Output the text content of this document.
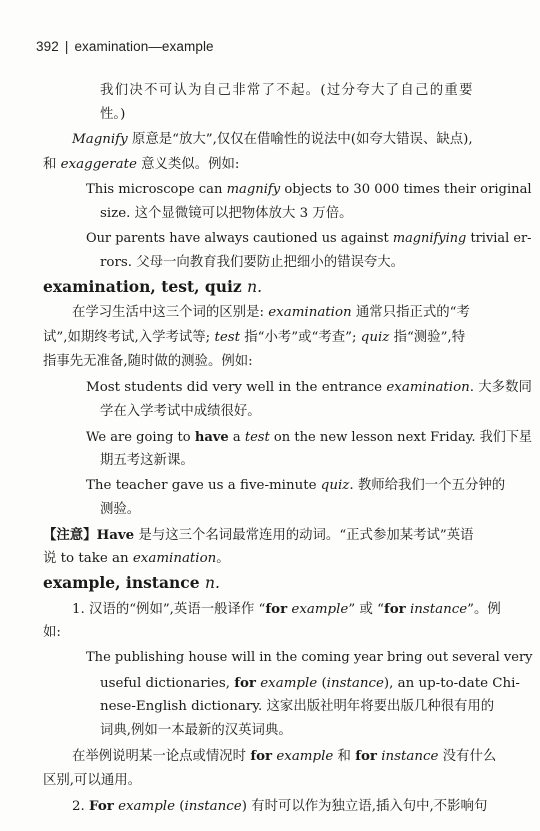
392 | examination—example
我们决不可认为自己非常了不起。(过分夸大了自己的重要
性。)
Magnify 原意是“放大”,仅仅在借喻性的说法中(如夸大错误、缺点),
和 exaggerate 意义类似。例如:
This microscope can magnify objects to 30 000 times their original
size. 这个显微镜可以把物体放大 3 万倍。
Our parents have always cautioned us against magnifying trivial er-
rors. 父母一向教育我们要防止把细小的错误夸大。
examination, test, quiz n.
在学习生活中这三个词的区别是: examination 通常只指正式的“考
试”,如期终考试,入学考试等; test 指“小考”或“考查”; quiz 指“测验”,特
指事先无准备,随时做的测验。例如:
Most students did very well in the entrance examination. 大多数同
学在入学考试中成绩很好。
We are going to have a test on the new lesson next Friday. 我们下星
期五考这新课。
The teacher gave us a five-minute quiz. 教师给我们一个五分钟的
测验。
【注意】Have 是与这三个名词最常连用的动词。“正式参加某考试”英语
说 to take an examination。
example, instance n.
1. 汉语的“例如”,英语一般译作 “for example” 或 “for instance”。例
如:
The publishing house will in the coming year bring out several very
useful dictionaries, for example (instance), an up-to-date Chi-
nese-English dictionary. 这家出版社明年将要出版几种很有用的
词典,例如一本最新的汉英词典。
在举例说明某一论点或情况时 for example 和 for instance 没有什么
区别,可以通用。
2. For example (instance) 有时可以作为独立语,插入句中,不影响句
